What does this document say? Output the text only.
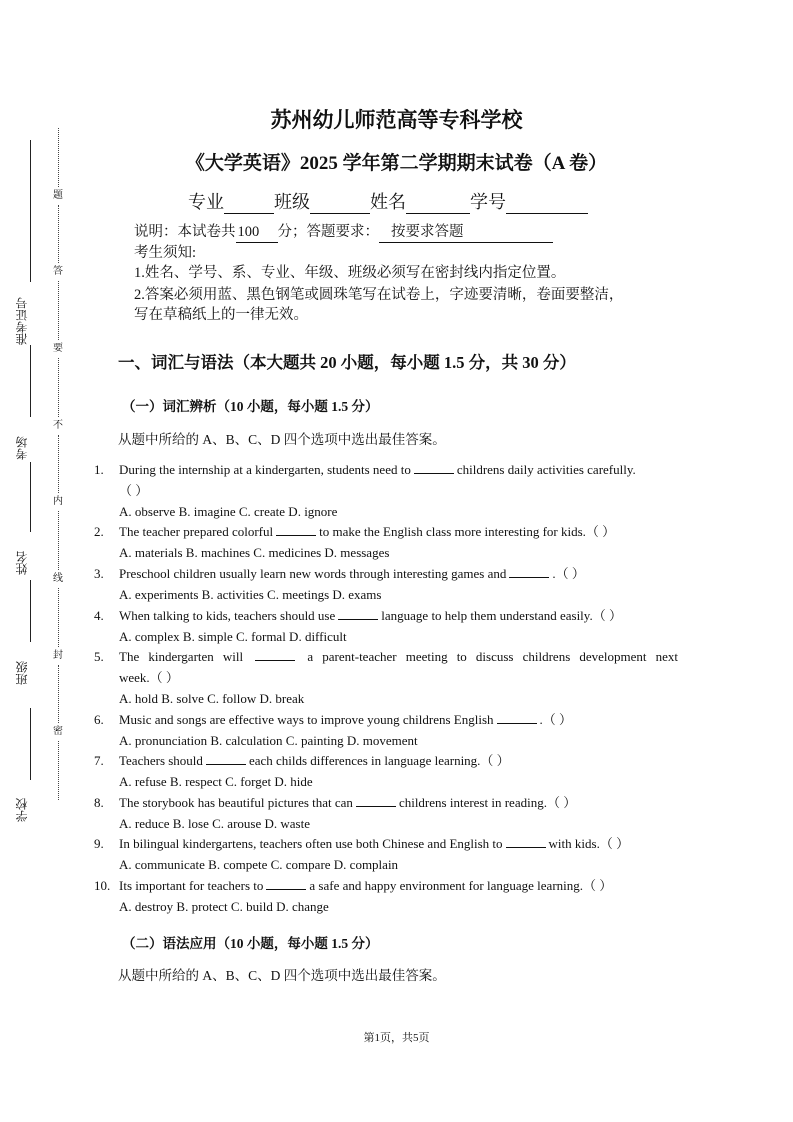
学校
班级
姓名
考场
准考证号
题
答
要
不
内
线
封
密
苏州幼儿师范高等专科学校
《大学英语》2025 学年第二学期期末试卷（A 卷）
专业	班级	姓名	学号
说明：本试卷共 100 分；答题要求： 按要求答题
考生须知:
1.姓名、学号、系、专业、年级、班级必须写在密封线内指定位置。
2.答案必须用蓝、黑色钢笔或圆珠笔写在试卷上，字迹要清晰，卷面要整洁，
写在草稿纸上的一律无效。
一、词汇与语法（本大题共 20 小题，每小题 1.5 分，共 30 分）
（一）词汇辨析（10 小题，每小题 1.5 分）
从题中所给的 A、B、C、D 四个选项中选出最佳答案。
1.	During the internship at a kindergarten, students need to	childrens daily activities carefully.
（ ）
A. observe B. imagine C. create D. ignore
2.	The teacher prepared colorful	to make the English class more interesting for kids.（ ）
A. materials B. machines C. medicines D. messages
3.	Preschool children usually learn new words through interesting games and	.（ ）
A. experiments B. activities C. meetings D. exams
4.	When talking to kids, teachers should use	language to help them understand easily.（ ）
A. complex B. simple C. formal D. difficult
5.	The kindergarten will	a parent-teacher meeting to discuss childrens development next
week.（ ）
A. hold B. solve C. follow D. break
6.	Music and songs are effective ways to improve young childrens English	.（ ）
A. pronunciation B. calculation C. painting D. movement
7.	Teachers should	each childs differences in language learning.（ ）
A. refuse B. respect C. forget D. hide
8.	The storybook has beautiful pictures that can	childrens interest in reading.（ ）
A. reduce B. lose C. arouse D. waste
9.	In bilingual kindergartens, teachers often use both Chinese and English to	with kids.（ ）
A. communicate B. compete C. compare D. complain
10. Its important for teachers to	a safe and happy environment for language learning.（ ）
A. destroy B. protect C. build D. change
（二）语法应用（10 小题，每小题 1.5 分）
从题中所给的 A、B、C、D 四个选项中选出最佳答案。
第1页，共5页
